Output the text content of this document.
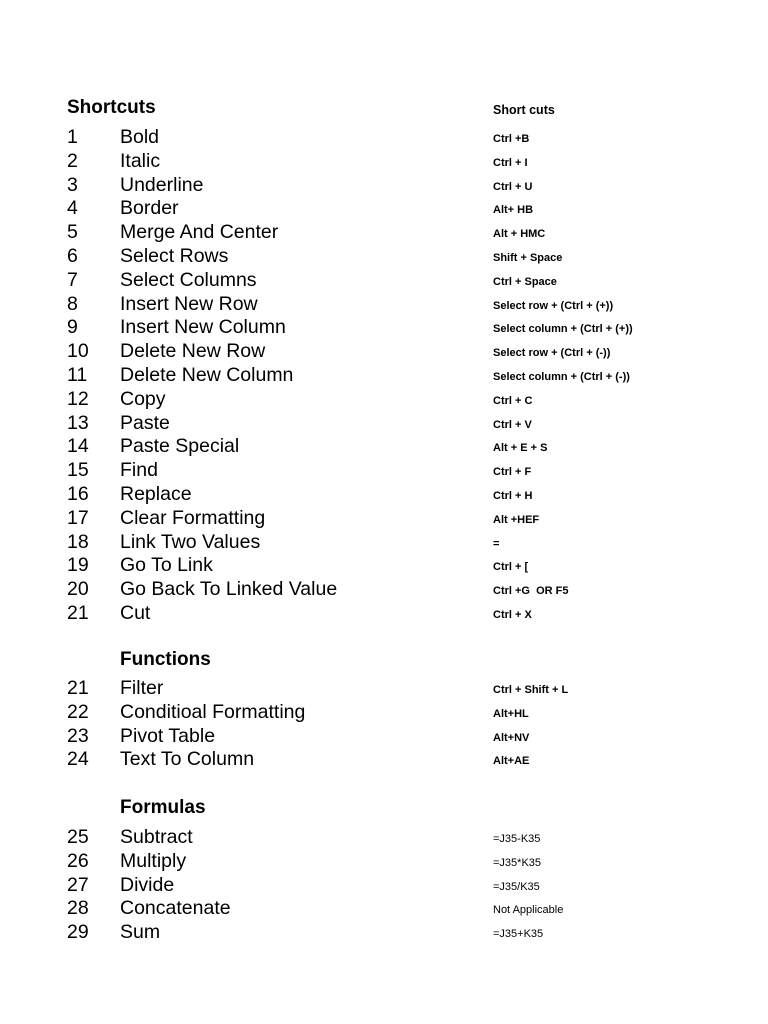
Shortcuts	Short cuts
1 Bold	Ctrl +B
2 Italic	Ctrl + I
3 Underline	Ctrl + U
4 Border	Alt+ HB
5 Merge And Center	Alt + HMC
6 Select Rows	Shift + Space
7 Select Columns	Ctrl + Space
8 Insert New Row	Select row + (Ctrl + (+))
9 Insert New Column	Select column + (Ctrl + (+))
10 Delete New Row	Select row + (Ctrl + (-))
11 Delete New Column	Select column + (Ctrl + (-))
12 Copy	Ctrl + C
13 Paste	Ctrl + V
14 Paste Special	Alt + E + S
15 Find	Ctrl + F
16 Replace	Ctrl + H
17 Clear Formatting	Alt +HEF
18 Link Two Values	=
19 Go To Link	Ctrl + [
20 Go Back To Linked Value	Ctrl +G  OR F5
21 Cut	Ctrl + X
Functions
21 Filter	Ctrl + Shift + L
22 Conditioal Formatting	Alt+HL
23 Pivot Table	Alt+NV
24 Text To Column	Alt+AE
Formulas
25 Subtract	=J35-K35
26 Multiply	=J35*K35
27 Divide	=J35/K35
28 Concatenate	Not Applicable
29 Sum	=J35+K35
